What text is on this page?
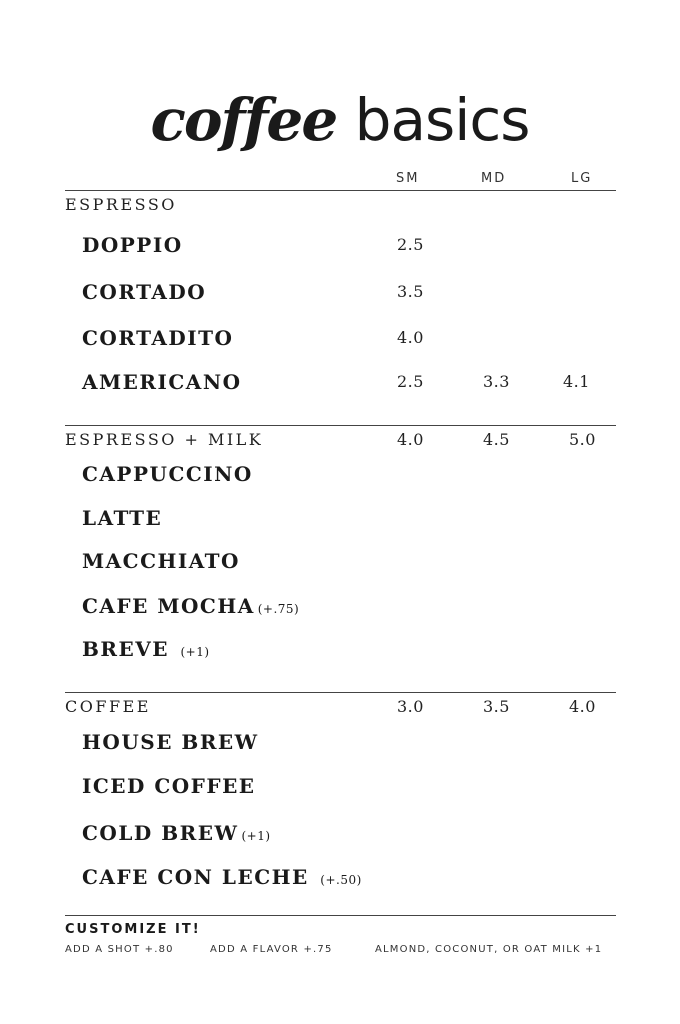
coffee basics
SM	MD	LG
ESPRESSO
DOPPIO	2.5
CORTADO	3.5
CORTADITO	4.0
AMERICANO	2.5	3.3	4.1
ESPRESSO + MILK	4.0	4.5	5.0
CAPPUCCINO
LATTE
MACCHIATO
CAFE MOCHA (+.75)
BREVE (+1)
COFFEE	3.0	3.5	4.0
HOUSE BREW
ICED COFFEE
COLD BREW (+1)
CAFE CON LECHE (+.50)
CUSTOMIZE IT!
ADD A SHOT +.80	ADD A FLAVOR +.75	ALMOND, COCONUT, OR OAT MILK +1
